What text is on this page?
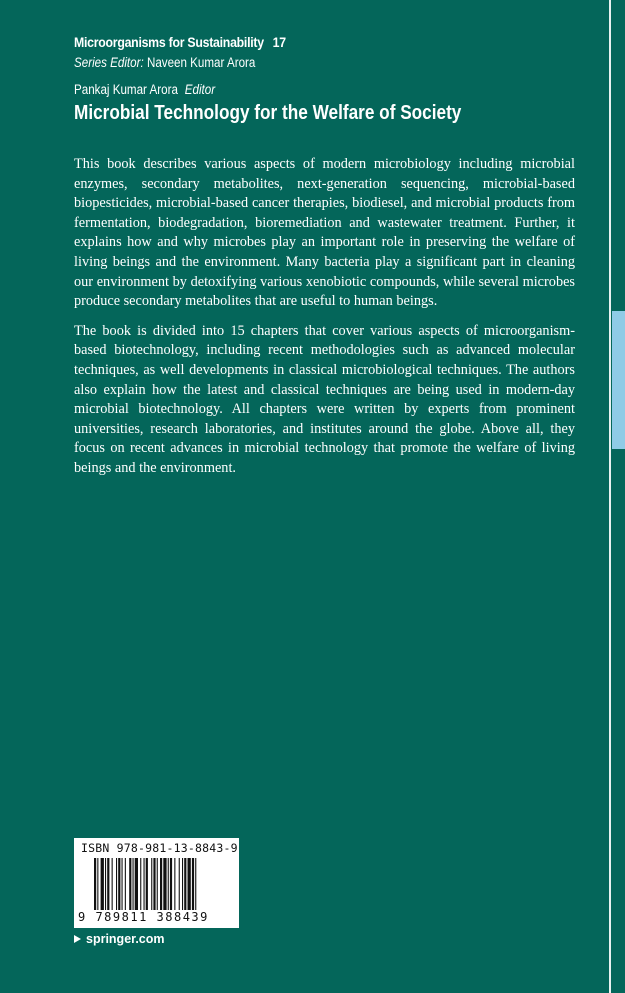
Microorganisms for Sustainability 17
Series Editor: Naveen Kumar Arora
Pankaj Kumar Arora Editor
Microbial Technology for the Welfare of Society

This book describes various aspects of modern microbiology including microbial enzymes, secondary metabolites, next-generation sequencing, microbial-based biopesticides, microbial-based cancer therapies, biodiesel, and microbial products from fermentation, biodegradation, bioremediation and wastewater treatment. Further, it explains how and why microbes play an important role in preserving the welfare of living beings and the environment. Many bacteria play a significant part in cleaning our environment by detoxifying various xenobiotic compounds, while several microbes produce secondary metabolites that are useful to human beings.

The book is divided into 15 chapters that cover various aspects of microorganism-based biotechnology, including recent methodologies such as advanced molecular techniques, as well developments in classical microbiological techniques. The authors also explain how the latest and classical techniques are being used in modern-day microbial biotechnology. All chapters were written by experts from prominent universities, research laboratories, and institutes around the globe. Above all, they focus on recent advances in microbial technology that promote the welfare of living beings and the environment.

ISBN 978-981-13-8843-9
9 789811 388439
springer.com
